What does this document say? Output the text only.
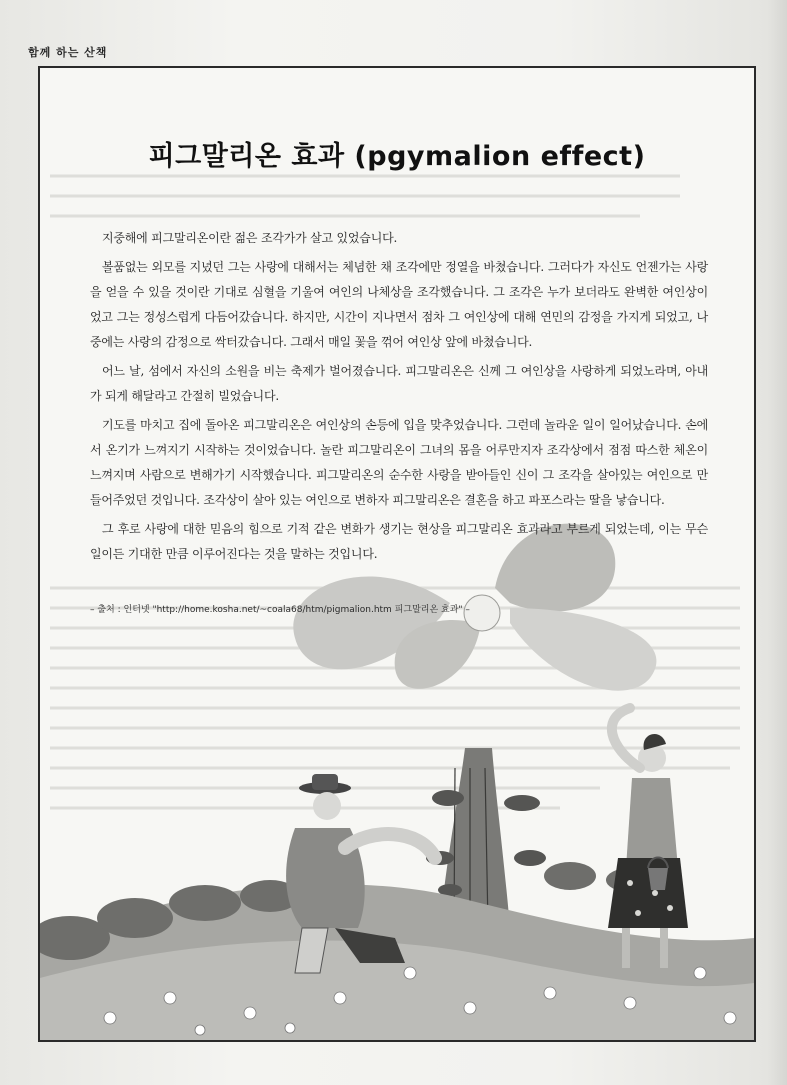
함께 하는 산책
피그말리온 효과 (pgymalion effect)

지중해에 피그말리온이란 젊은 조각가가 살고 있었습니다.

볼품없는 외모를 지녔던 그는 사랑에 대해서는 체념한 채 조각에만 정열을 바쳤습니다. 그러다가 자신도 언젠가는 사랑을 얻을 수 있을 것이란 기대로 심혈을 기울여 여인의 나체상을 조각했습니다. 그 조각은 누가 보더라도 완벽한 여인상이었고 그는 정성스럽게 다듬어갔습니다. 하지만, 시간이 지나면서 점차 그 여인상에 대해 연민의 감정을 가지게 되었고, 나중에는 사랑의 감정으로 싹터갔습니다. 그래서 매일 꽃을 꺾어 여인상 앞에 바쳤습니다.

어느 날, 섬에서 자신의 소원을 비는 축제가 벌어졌습니다. 피그말리온은 신께 그 여인상을 사랑하게 되었노라며, 아내가 되게 해달라고 간절히 빌었습니다.

기도를 마치고 집에 돌아온 피그말리온은 여인상의 손등에 입을 맞추었습니다. 그런데 놀라운 일이 일어났습니다. 손에서 온기가 느껴지기 시작하는 것이었습니다. 놀란 피그말리온이 그녀의 몸을 어루만지자 조각상에서 점점 따스한 체온이 느껴지며 사람으로 변해가기 시작했습니다. 피그말리온의 순수한 사랑을 받아들인 신이 그 조각을 살아있는 여인으로 만들어주었던 것입니다. 조각상이 살아 있는 여인으로 변하자 피그말리온은 결혼을 하고 파포스라는 딸을 낳습니다.

그 후로 사랑에 대한 믿음의 힘으로 기적 같은 변화가 생기는 현상을 피그말리온 효과라고 부르게 되었는데, 이는 무슨 일이든 기대한 만큼 이루어진다는 것을 말하는 것입니다.

– 출처 : 인터넷 "http://home.kosha.net/~coala68/htm/pigmalion.htm 피그말리온 효과" –
